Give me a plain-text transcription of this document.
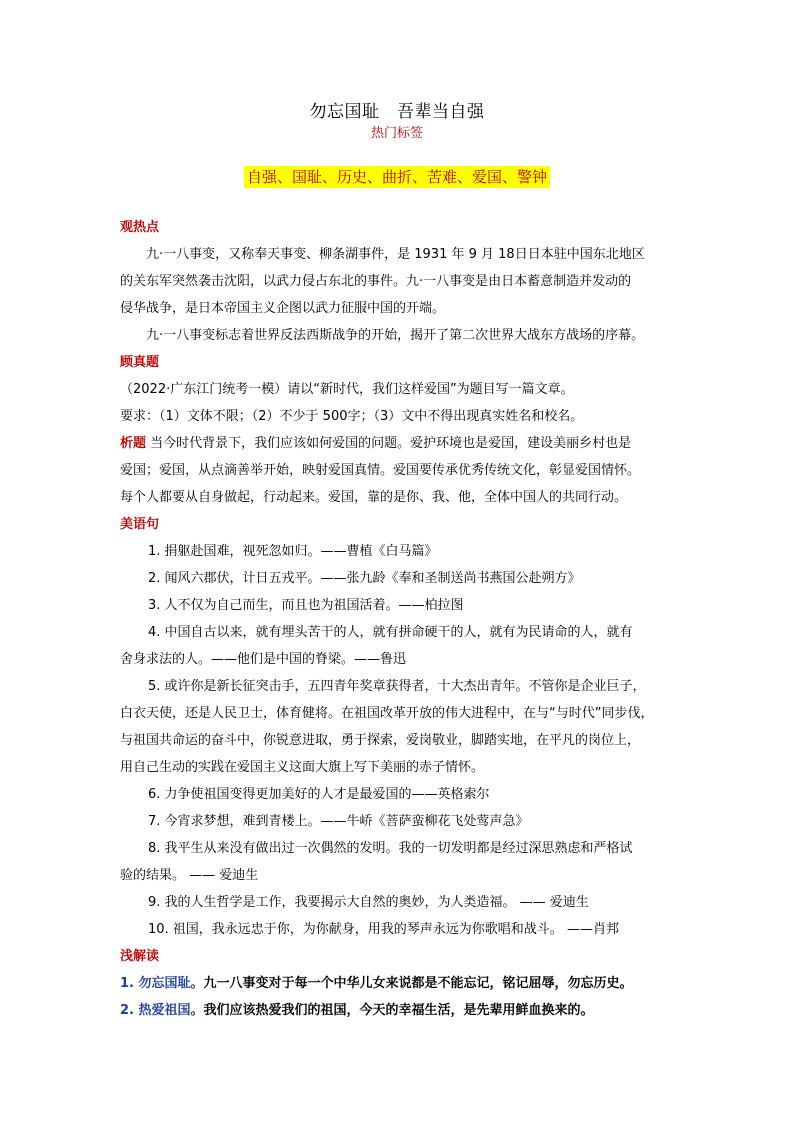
勿忘国耻　吾辈当自强
热门标签
自强、国耻、历史、曲折、苦难、爱国、警钟
观热点
九·一八事变，又称奉天事变、柳条湖事件，是 1931 年 9 月 18日日本驻中国东北地区
的关东军突然袭击沈阳，以武力侵占东北的事件。九·一八事变是由日本蓄意制造并发动的
侵华战争，是日本帝国主义企图以武力征服中国的开端。
九·一八事变标志着世界反法西斯战争的开始，揭开了第二次世界大战东方战场的序幕。
顾真题
（2022·广东江门统考一模）请以“新时代，我们这样爱国”为题目写一篇文章。
要求：（1）文体不限；（2）不少于 500字；（3）文中不得出现真实姓名和校名。
析题 当今时代背景下，我们应该如何爱国的问题。爱护环境也是爱国，建设美丽乡村也是
爱国；爱国，从点滴善举开始，映射爱国真情。爱国要传承优秀传统文化，彰显爱国情怀。
每个人都要从自身做起，行动起来。爱国，靠的是你、我、他，全体中国人的共同行动。
美语句
1. 捐躯赴国难，视死忽如归。——曹植《白马篇》
2. 闻风六郡伏，计日五戎平。——张九龄《奉和圣制送尚书燕国公赴朔方》
3. 人不仅为自己而生，而且也为祖国活着。——柏拉图
4. 中国自古以来，就有埋头苦干的人，就有拼命硬干的人，就有为民请命的人，就有
舍身求法的人。——他们是中国的脊梁。——鲁迅
5. 或许你是新长征突击手，五四青年奖章获得者，十大杰出青年。不管你是企业巨子，
白衣天使，还是人民卫士，体育健将。在祖国改革开放的伟大进程中，在与“与时代”同步伐，
与祖国共命运的奋斗中，你锐意进取，勇于探索，爱岗敬业，脚踏实地，在平凡的岗位上，
用自己生动的实践在爱国主义这面大旗上写下美丽的赤子情怀。
6. 力争使祖国变得更加美好的人才是最爱国的——英格索尔
7. 今宵求梦想，难到青楼上。——牛峤《菩萨蛮柳花飞处莺声急》
8. 我平生从来没有做出过一次偶然的发明。我的一切发明都是经过深思熟虑和严格试
验的结果。 —— 爱迪生
9. 我的人生哲学是工作，我要揭示大自然的奥妙，为人类造福。 —— 爱迪生
10. 祖国，我永远忠于你，为你献身，用我的琴声永远为你歌唱和战斗。 ——肖邦
浅解读
1. 勿忘国耻。九一八事变对于每一个中华儿女来说都是不能忘记，铭记屈辱，勿忘历史。
2. 热爱祖国。我们应该热爱我们的祖国，今天的幸福生活，是先辈用鲜血换来的。
